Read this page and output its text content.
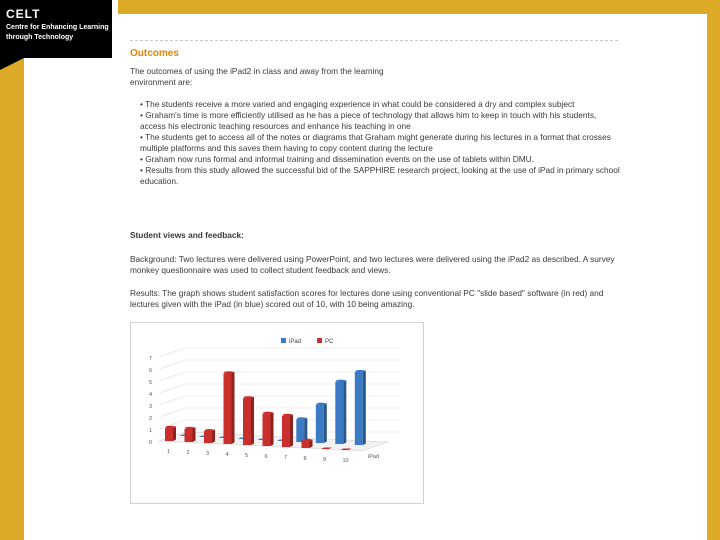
CELT
Centre for Enhancing Learning through Technology
Outcomes
The outcomes of using the iPad2 in class and away from the learning environment are:
• The students receive a more varied and engaging experience in what could be considered a dry and complex subject
• Graham's time is more efficiently utilised as he has a piece of technology that allows him to keep in touch with his students, access his electronic teaching resources and enhance his teaching in one
• The students get to access all of the notes or diagrams that Graham might generate during his lectures in a format that crosses multiple platforms and this saves them having to copy content during the lecture
• Graham now runs formal and informal training and dissemination events on the use of tablets within DMU.
• Results from this study allowed the successful bid of the SAPPHIRE research project, looking at the use of iPad in primary school education.
Student views and feedback:
Background: Two lectures were delivered using PowerPoint, and two lectures were delivered using the iPad2 as described. A survey monkey questionnaire was used to collect student feedback and views.
Results: The graph shows student satisfaction scores for lectures done using conventional PC "slide based" software (in red) and lectures given with the iPad (in blue) scored out of 10, with 10 being amazing.
0
1
2
3
4
5
6
7
1	2	3	4	5	6	7	8	9	10
iPad
iPad	PC
